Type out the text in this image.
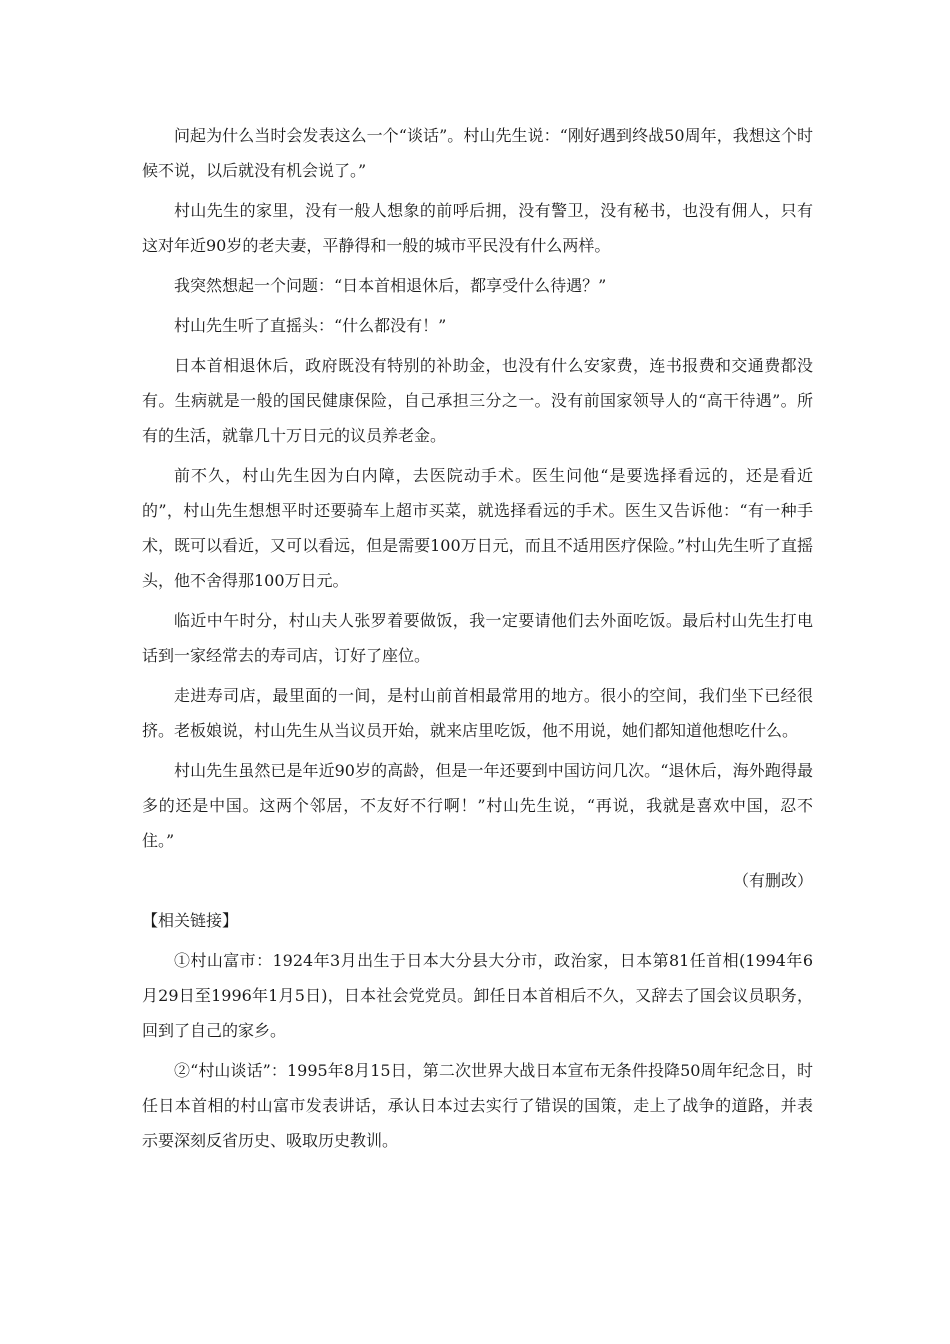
问起为什么当时会发表这么一个“谈话”。村山先生说：“刚好遇到终战50周年，我想这个时候不说，以后就没有机会说了。”

村山先生的家里，没有一般人想象的前呼后拥，没有警卫，没有秘书，也没有佣人，只有这对年近90岁的老夫妻，平静得和一般的城市平民没有什么两样。

我突然想起一个问题：“日本首相退休后，都享受什么待遇？”

村山先生听了直摇头：“什么都没有！”

日本首相退休后，政府既没有特别的补助金，也没有什么安家费，连书报费和交通费都没有。生病就是一般的国民健康保险，自己承担三分之一。没有前国家领导人的“高干待遇”。所有的生活，就靠几十万日元的议员养老金。

前不久，村山先生因为白内障，去医院动手术。医生问他“是要选择看远的，还是看近的”，村山先生想想平时还要骑车上超市买菜，就选择看远的手术。医生又告诉他：“有一种手术，既可以看近，又可以看远，但是需要100万日元，而且不适用医疗保险。”村山先生听了直摇头，他不舍得那100万日元。

临近中午时分，村山夫人张罗着要做饭，我一定要请他们去外面吃饭。最后村山先生打电话到一家经常去的寿司店，订好了座位。

走进寿司店，最里面的一间，是村山前首相最常用的地方。很小的空间，我们坐下已经很挤。老板娘说，村山先生从当议员开始，就来店里吃饭，他不用说，她们都知道他想吃什么。

村山先生虽然已是年近90岁的高龄，但是一年还要到中国访问几次。“退休后，海外跑得最多的还是中国。这两个邻居，不友好不行啊！”村山先生说，“再说，我就是喜欢中国，忍不住。”

（有删改）

【相关链接】

①村山富市：1924年3月出生于日本大分县大分市，政治家，日本第81任首相(1994年6月29日至1996年1月5日)，日本社会党党员。卸任日本首相后不久，又辞去了国会议员职务，回到了自己的家乡。

②“村山谈话”：1995年8月15日，第二次世界大战日本宣布无条件投降50周年纪念日，时任日本首相的村山富市发表讲话，承认日本过去实行了错误的国策，走上了战争的道路，并表示要深刻反省历史、吸取历史教训。
